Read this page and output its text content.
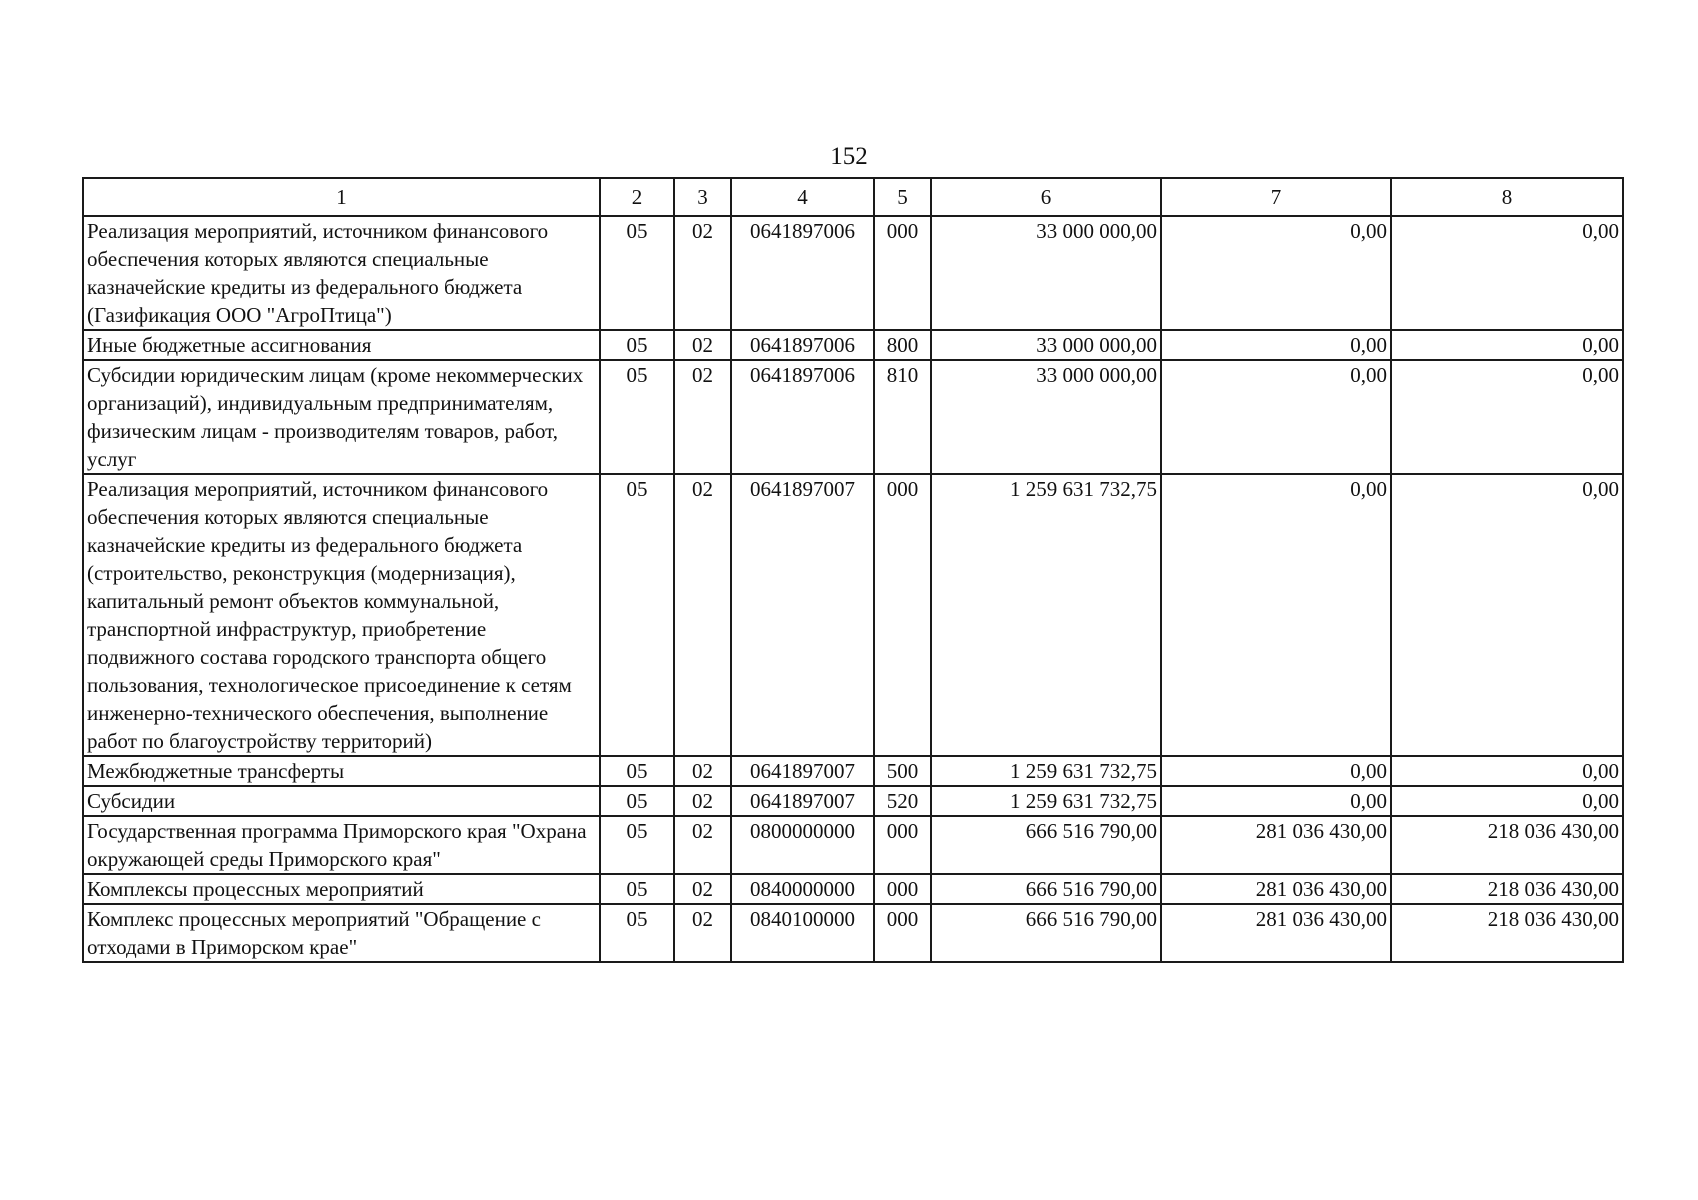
152
1	2	3	4	5	6	7	8
Реализация мероприятий, источником финансового обеспечения которых являются специальные казначейские кредиты из федерального бюджета (Газификация ООО "АгроПтица")	05	02	0641897006	000	33 000 000,00	0,00	0,00
Иные бюджетные ассигнования	05	02	0641897006	800	33 000 000,00	0,00	0,00
Субсидии юридическим лицам (кроме некоммерческих организаций), индивидуальным предпринимателям, физическим лицам - производителям товаров, работ, услуг	05	02	0641897006	810	33 000 000,00	0,00	0,00
Реализация мероприятий, источником финансового обеспечения которых являются специальные казначейские кредиты из федерального бюджета (строительство, реконструкция (модернизация), капитальный ремонт объектов коммунальной, транспортной инфраструктур, приобретение подвижного состава городского транспорта общего пользования, технологическое присоединение к сетям инженерно-технического обеспечения, выполнение работ по благоустройству территорий)	05	02	0641897007	000	1 259 631 732,75	0,00	0,00
Межбюджетные трансферты	05	02	0641897007	500	1 259 631 732,75	0,00	0,00
Субсидии	05	02	0641897007	520	1 259 631 732,75	0,00	0,00
Государственная программа Приморского края "Охрана окружающей среды Приморского края"	05	02	0800000000	000	666 516 790,00	281 036 430,00	218 036 430,00
Комплексы процессных мероприятий	05	02	0840000000	000	666 516 790,00	281 036 430,00	218 036 430,00
Комплекс процессных мероприятий "Обращение с отходами в Приморском крае"	05	02	0840100000	000	666 516 790,00	281 036 430,00	218 036 430,00
